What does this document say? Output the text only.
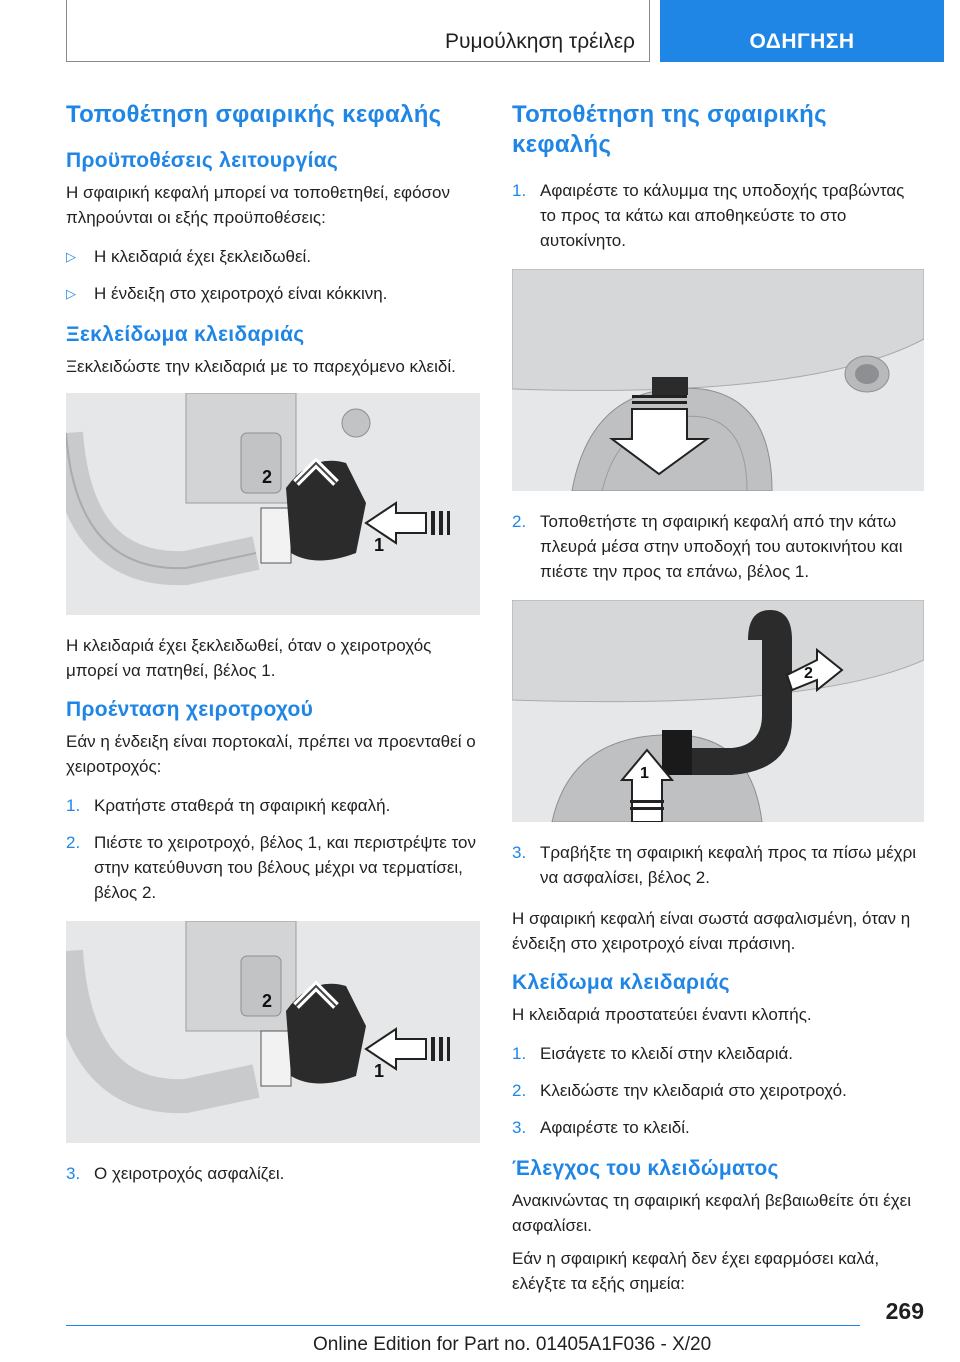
Ρυμούλκηση τρέιλερ	ΟΔΗΓΗΣΗ
Τοποθέτηση σφαιρικής κεφαλής
Προϋποθέσεις λειτουργίας

Η σφαιρική κεφαλή μπορεί να τοποθετηθεί, εφόσον πληρούνται οι εξής προϋποθέσεις:

▷ Η κλειδαριά έχει ξεκλειδωθεί.
▷ Η ένδειξη στο χειροτροχό είναι κόκκινη.
Ξεκλείδωμα κλειδαριάς

Ξεκλειδώστε την κλειδαριά με το παρεχόμενο κλειδί.

2
1

Η κλειδαριά έχει ξεκλειδωθεί, όταν ο χειροτροχός μπορεί να πατηθεί, βέλος 1.

Προένταση χειροτροχού

Εάν η ένδειξη είναι πορτοκαλί, πρέπει να προενταθεί ο χειροτροχός:

1. Κρατήστε σταθερά τη σφαιρική κεφαλή.
2. Πιέστε το χειροτροχό, βέλος 1, και περιστρέψτε τον στην κατεύθυνση του βέλους μέχρι να τερματίσει, βέλος 2.
2
1
3. Ο χειροτροχός ασφαλίζει.
Τοποθέτηση της σφαιρικής κεφαλής
1. Αφαιρέστε το κάλυμμα της υποδοχής τραβώντας το προς τα κάτω και αποθηκεύστε το στο αυτοκίνητο.
2. Τοποθετήστε τη σφαιρική κεφαλή από την κάτω πλευρά μέσα στην υποδοχή του αυτοκινήτου και πιέστε την προς τα επάνω, βέλος 1.
2
1
3. Τραβήξτε τη σφαιρική κεφαλή προς τα πίσω μέχρι να ασφαλίσει, βέλος 2.

Η σφαιρική κεφαλή είναι σωστά ασφαλισμένη, όταν η ένδειξη στο χειροτροχό είναι πράσινη.

Κλείδωμα κλειδαριάς

Η κλειδαριά προστατεύει έναντι κλοπής.

1. Εισάγετε το κλειδί στην κλειδαριά.
2. Κλειδώστε την κλειδαριά στο χειροτροχό.
3. Αφαιρέστε το κλειδί.
Έλεγχος του κλειδώματος

Ανακινώντας τη σφαιρική κεφαλή βεβαιωθείτε ότι έχει ασφαλίσει.

Εάν η σφαιρική κεφαλή δεν έχει εφαρμόσει καλά, ελέγξτε τα εξής σημεία:

269
Online Edition for Part no. 01405A1F036 - X/20
